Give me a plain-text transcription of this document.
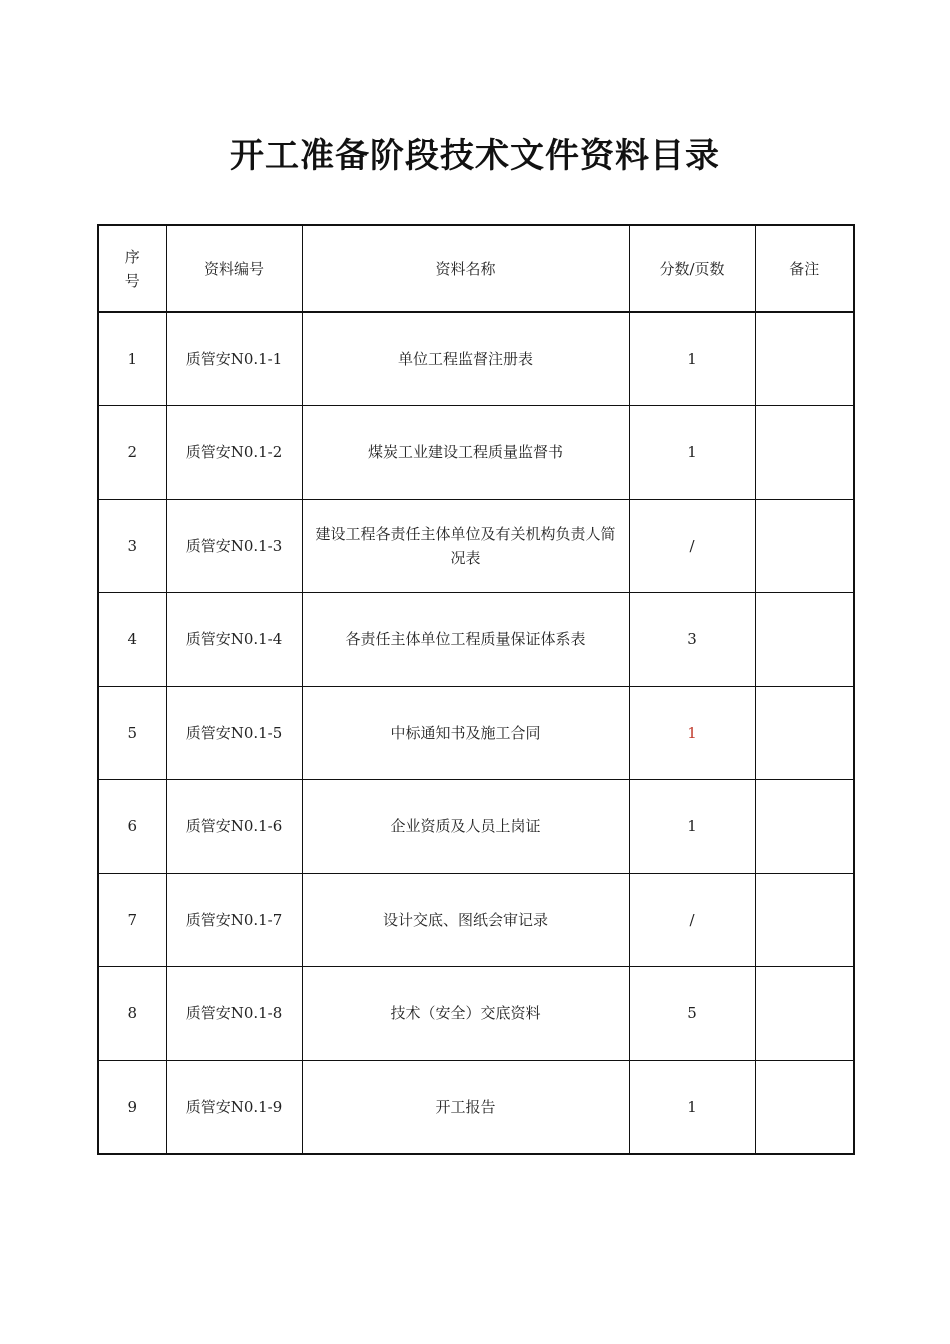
开工准备阶段技术文件资料目录
序
号	资料编号	资料名称	分数/页数	备注
1	质管安N0.1-1	单位工程监督注册表	1	
2	质管安N0.1-2	煤炭工业建设工程质量监督书	1	
3	质管安N0.1-3	建设工程各责任主体单位及有关机构负责人简况表	/	
4	质管安N0.1-4	各责任主体单位工程质量保证体系表	3	
5	质管安N0.1-5	中标通知书及施工合同	1	
6	质管安N0.1-6	企业资质及人员上岗证	1	
7	质管安N0.1-7	设计交底、图纸会审记录	/	
8	质管安N0.1-8	技术（安全）交底资料	5	
9	质管安N0.1-9	开工报告	1	
